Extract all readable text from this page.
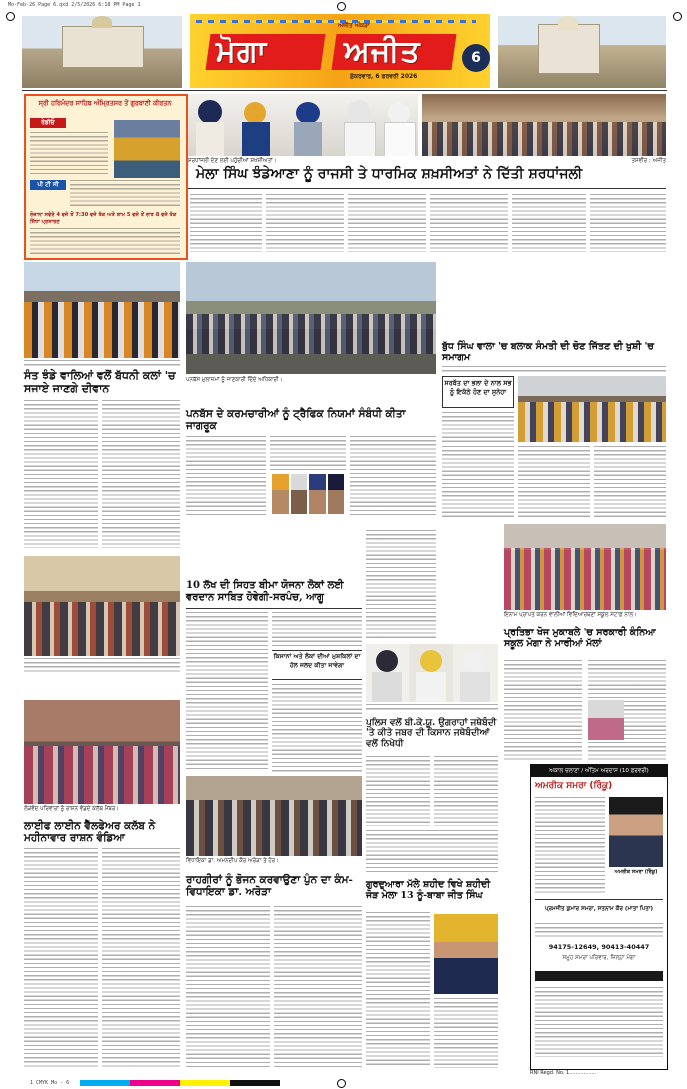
Mo-Feb-26 Page 6.qxd 2/5/2026 6:18 PM Page 1
ਅਜੀਤ ਅੰਕੜਾ
ਮੋਗਾ	ਅਜੀਤ
ਸ਼ੁੱਕਰਵਾਰ, 6 ਫਰਵਰੀ 2026
6
ਸ੍ਰੀ ਹਰਿਮੰਦਰ ਸਾਹਿਬ ਅੰਮ੍ਰਿਤਸਰ ਤੋਂ ਗੁਰਬਾਣੀ ਕੀਰਤਨ
ਰੇਡੀਓ
ਪੀ ਟੀ ਸੀ
ਰੋਜ਼ਾਨਾ ਸਵੇਰੇ 4 ਵਜੇ ਤੋਂ 7:30 ਵਜੇ ਤੱਕ ਅਤੇ ਸ਼ਾਮ 5 ਵਜੇ ਤੋਂ ਰਾਤ 8 ਵਜੇ ਤੱਕ ਸਿੱਧਾ ਪ੍ਰਸਾਰਣ
ਸ਼ਰਧਾਂਜਲੀ ਦੇਣ ਲਈ ਪਹੁੰਚੀਆਂ ਸ਼ਖਸੀਅਤਾਂ।	ਤਸਵੀਰ : ਅਜੀਤ
ਮੇਲਾ ਸਿੰਘ ਝੰਡੇਆਣਾ ਨੂੰ ਰਾਜਸੀ ਤੇ ਧਾਰਮਿਕ ਸ਼ਖ਼ਸੀਅਤਾਂ ਨੇ ਦਿੱਤੀ ਸ਼ਰਧਾਂਜਲੀ
ਸੰਤ ਝੰਡੇ ਵਾਲਿਆਂ ਵਲੋਂ ਬੱਧਨੀ ਕਲਾਂ 'ਚ ਸਜਾਏ ਜਾਣਗੇ ਦੀਵਾਨ
ਪਨਬੱਸ ਮੁਲਾਜ਼ਮਾਂ ਨੂੰ ਜਾਣਕਾਰੀ ਦਿੰਦੇ ਅਧਿਕਾਰੀ।
ਪਨਬੱਸ ਦੇ ਕਰਮਚਾਰੀਆਂ ਨੂੰ ਟ੍ਰੈਫਿਕ ਨਿਯਮਾਂ ਸੰਬੰਧੀ ਕੀਤਾ ਜਾਗਰੂਕ
ਬੁੱਧ ਸਿੰਘ ਵਾਲਾ 'ਚ ਬਲਾਕ ਸੰਮਤੀ ਦੀ ਚੋਣ ਜਿੱਤਣ ਦੀ ਖੁਸ਼ੀ 'ਚ ਸਮਾਗਮ
ਸਰਬੱਤ ਦਾ ਭਲਾ ਦੇ ਨਾਲ ਸਭ ਨੂੰ ਇਕੱਠੇ ਹੋਣ ਦਾ ਸੁਨੇਹਾ
ਲੋੜਵੰਦ ਪਰਿਵਾਰਾਂ ਨੂੰ ਰਾਸ਼ਨ ਵੰਡਦੇ ਕਲੱਬ ਮੈਂਬਰ।
ਲਾਈਫ ਲਾਈਨ ਵੈੱਲਫੇਅਰ ਕਲੱਬ ਨੇ ਮਹੀਨਾਵਾਰ ਰਾਸ਼ਨ ਵੰਡਿਆ
10 ਲੱਖ ਦੀ ਸਿਹਤ ਬੀਮਾ ਯੋਜਨਾ ਲੋਕਾਂ ਲਈ ਵਰਦਾਨ ਸਾਬਿਤ ਹੋਵੇਗੀ-ਸਰਪੰਚ, ਆਗੂ
ਕਿਸਾਨਾਂ ਅਤੇ ਲੋਕਾਂ ਦੀਆਂ ਮੁਸ਼ਕਿਲਾਂ ਦਾ ਹੱਲ ਜਲਦ ਕੀਤਾ ਜਾਵੇਗਾ
ਪੁਲਿਸ ਵਲੋਂ ਬੀ.ਕੇ.ਯੂ. ਉਗਰਾਹਾਂ ਜਥੇਬੰਦੀ 'ਤੇ ਕੀਤੇ ਜਬਰ ਦੀ ਕਿਸਾਨ ਜਥੇਬੰਦੀਆਂ ਵਲੋਂ ਨਿਖੇਧੀ
ਇਨਾਮ ਪ੍ਰਾਪਤ ਕਰਨ ਵਾਲੀਆਂ ਵਿਦਿਆਰਥਣਾਂ ਸਕੂਲ ਸਟਾਫ਼ ਨਾਲ।
ਪ੍ਰਤਿਭਾ ਖੋਜ ਮੁਕਾਬਲੇ 'ਚ ਸਰਕਾਰੀ ਕੰਨਿਆ ਸਕੂਲ ਮੋਗਾ ਨੇ ਮਾਰੀਆਂ ਮੱਲਾਂ
ਵਿਧਾਇਕਾ ਡਾ. ਅਮਨਦੀਪ ਕੌਰ ਅਰੋੜਾ ਤੇ ਹੋਰ।
ਰਾਹਗੀਰਾਂ ਨੂੰ ਭੋਜਨ ਕਰਵਾਉਣਾ ਪੁੰਨ ਦਾ ਕੰਮ- ਵਿਧਾਇਕਾ ਡਾ. ਅਰੋੜਾ
ਗੁਰਦੁਆਰਾ ਮੱਲੇ ਸ਼ਹੀਦ ਵਿਖੇ ਸ਼ਹੀਦੀ ਜੋੜ ਮੇਲਾ 13 ਨੂੰ-ਬਾਬਾ ਜੀਤ ਸਿੰਘ
ਅਕਾਲ ਚਲਾਣਾ / ਅੰਤਿਮ ਅਰਦਾਸ (10 ਫ਼ਰਵਰੀ)
ਅਮਰੀਕ ਸਮਰਾ (ਰਿੰਕੂ)
ਅਮਰੀਕ ਸਮਰਾ (ਰਿੰਕੂ)
ਪ੍ਰਮਜੀਤ ਕੁਮਾਰ ਸਮਰਾ, ਸਤਨਾਮ ਕੌਰ (ਮਾਤਾ ਪਿਤਾ)
94175-12649, 90413-40447
ਸਮੂਹ ਸਮਰਾ ਪਰਿਵਾਰ, ਜ਼ਿਲ੍ਹਾ ਮੋਗਾ
RNI Regd. No. 1.................
1 CMYK Mo - 6
